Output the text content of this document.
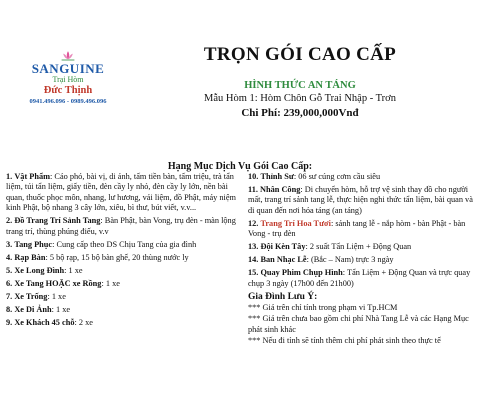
SANGUINE
Trại Hòm
Đức Thịnh
0941.496.096 - 0989.496.096
TRỌN GÓI CAO CẤP
HÌNH THỨC AN TÁNG
Mẫu Hòm 1: Hòm Chôn Gỗ Trai Nhập - Trơn
Chi Phí: 239,000,000Vnđ
Hạng Mục Dịch Vụ Gói Cao Cấp:
1. Vật Phẩm: Cáo phó, bài vị, di ảnh, tấm tiền bàn, tấm triệu, trà tẩn liệm, túi tẩn liệm, giấy tiền, đèn cầy ly nhỏ, đèn cầy ly lớn, nền bài quan, thuốc phọc môn, nhang, lư hương, vải liệm, đồ Phật, máy niệm kinh Phật, bộ nhang 3 cây lớn, xiêu, bì thư, bút viết, v.v...
2. Đồ Trang Trí Sảnh Tang: Bàn Phật, bàn Vong, trụ đèn - màn lộng trang trí, thùng phúng điếu, v.v
3. Tang Phục: Cung cấp theo DS Chịu Tang của gia đình
4. Rạp Bàn: 5 bộ rạp, 15 bộ bàn ghế, 20 thùng nước ly
5. Xe Long Đình: 1 xe
6. Xe Tang HOẶC xe Rồng: 1 xe
7. Xe Trống: 1 xe
8. Xe Di Ảnh: 1 xe
9. Xe Khách 45 chỗ: 2 xe
10. Thỉnh Sư: 06 sư cúng cơm cầu siêu
11. Nhân Công: Di chuyển hòm, hỗ trợ vệ sinh thay đồ cho người mất, trang trí sảnh tang lễ, thực hiện nghi thức tẩn liệm, bài quan và di quan đến nơi hỏa táng (an táng)
12. Trang Trí Hoa Tươi: sảnh tang lễ - nắp hòm - bàn Phật - bàn Vong - trụ đèn
13. Đội Kèn Tây: 2 suất Tẩn Liệm + Động Quan
14. Ban Nhạc Lễ: (Bắc – Nam) trực 3 ngày
15. Quay Phim Chụp Hình: Tẩn Liệm + Động Quan và trực quay chụp 3 ngày (17h00 đến 21h00)
Gia Đình Lưu Ý:
*** Giá trên chỉ tính trong phạm vi Tp.HCM
*** Giá trên chưa bao gồm chi phí Nhà Tang Lễ và các Hạng Mục phát sinh khác
*** Nếu đi tỉnh sẽ tính thêm chi phí phát sinh theo thực tế
